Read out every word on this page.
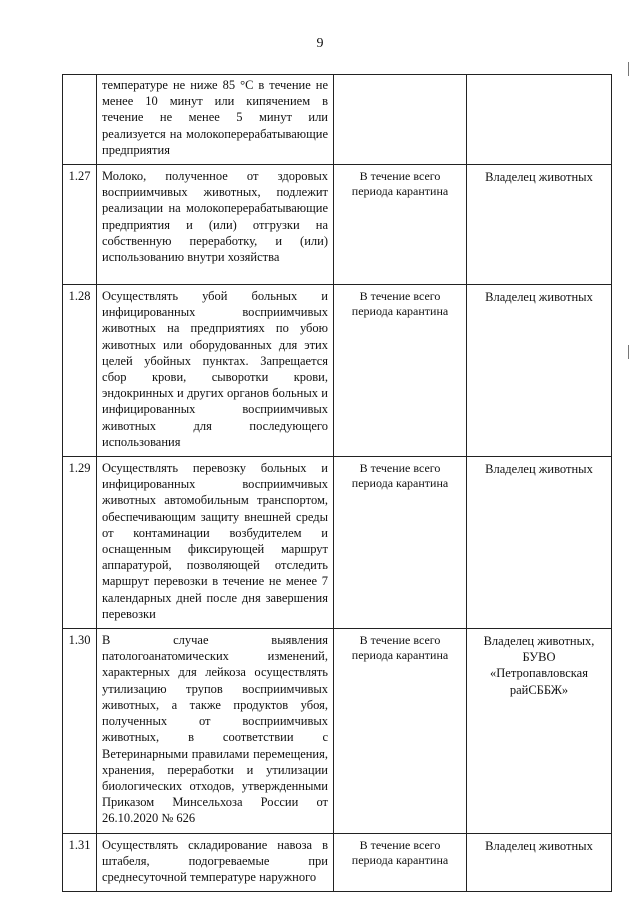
9
	температуре не ниже 85 °С в течение не менее 10 минут или кипячением в течение не менее 5 минут или реализуется на молокоперерабатывающие предприятия		
1.27	Молоко, полученное от здоровых восприимчивых животных, подлежит реализации на молокоперерабатывающие предприятия и (или) отгрузки на собственную переработку, и (или) использованию внутри хозяйства	В течение всего периода карантина	Владелец животных
1.28	Осуществлять убой больных и инфицированных восприимчивых животных на предприятиях по убою животных или оборудованных для этих целей убойных пунктах. Запрещается сбор крови, сыворотки крови, эндокринных и других органов больных и инфицированных восприимчивых животных для последующего использования	В течение всего периода карантина	Владелец животных
1.29	Осуществлять перевозку больных и инфицированных восприимчивых животных автомобильным транспортом, обеспечивающим защиту внешней среды от контаминации возбудителем и оснащенным фиксирующей маршрут аппаратурой, позволяющей отследить маршрут перевозки в течение не менее 7 календарных дней после дня завершения перевозки	В течение всего периода карантина	Владелец животных
1.30	В случае выявления патологоанатомических изменений, характерных для лейкоза осуществлять утилизацию трупов восприимчивых животных, а также продуктов убоя, полученных от восприимчивых животных, в соответствии с Ветеринарными правилами перемещения, хранения, переработки и утилизации биологических отходов, утвержденными Приказом Минсельхоза России от 26.10.2020 № 626	В течение всего периода карантина	Владелец животных, БУВО «Петропавловская райСББЖ»
1.31	Осуществлять складирование навоза в штабеля, подогреваемые при среднесуточной температуре наружного	В течение всего периода карантина	Владелец животных
